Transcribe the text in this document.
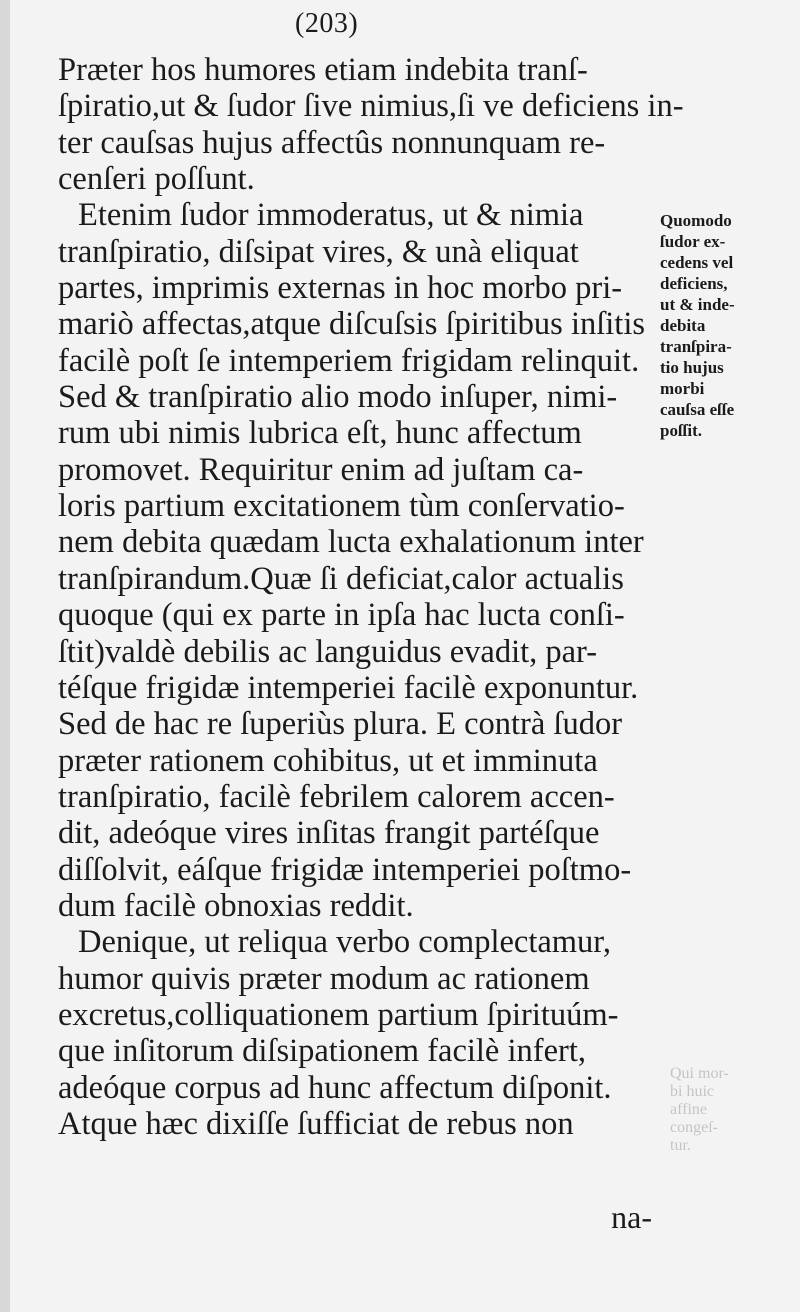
(203)
Præter hos humores etiam indebita tranſ-
ſpiratio,ut & ſudor ſive nimius,ſi ve deficiens in-
ter cauſsas hujus affectûs nonnunquam re-
cenſeri poſſunt.
Etenim ſudor immoderatus, ut & nimia
tranſpiratio, diſsipat vires, & unà eliquat
partes, imprimis externas in hoc morbo pri-
mariò affectas,atque diſcuſsis ſpiritibus inſitis
facilè poſt ſe intemperiem frigidam relinquit.
Sed & tranſpiratio alio modo inſuper, nimi-
rum ubi nimis lubrica eſt, hunc affectum
promovet. Requiritur enim ad juſtam ca-
loris partium excitationem tùm conſervatio-
nem debita quædam lucta exhalationum inter
tranſpirandum.Quæ ſi deficiat,calor actualis
quoque (qui ex parte in ipſa hac lucta conſi-
ſtit)valdè debilis ac languidus evadit, par-
téſque frigidæ intemperiei facilè exponuntur.
Sed de hac re ſuperiùs plura. E contrà ſudor
præter rationem cohibitus, ut et imminuta
tranſpiratio, facilè febrilem calorem accen-
dit, adeóque vires inſitas frangit partéſque
diſſolvit, eáſque frigidæ intemperiei poſtmo-
dum facilè obnoxias reddit.
Denique, ut reliqua verbo complectamur,
humor quivis præter modum ac rationem
excretus,colliquationem partium ſpirituúm-
que inſitorum diſsipationem facilè infert,
adeóque corpus ad hunc affectum diſponit.
Atque hæc dixiſſe ſufficiat de rebus non
Quomodo
ſudor ex-
cedens vel
deficiens,
ut & inde-
debita
tranſpira-
tio hujus
morbi
cauſsa eſſe
poſſit.
Qui mor-
bi huic
affine
congeſ-
tur.
na-
